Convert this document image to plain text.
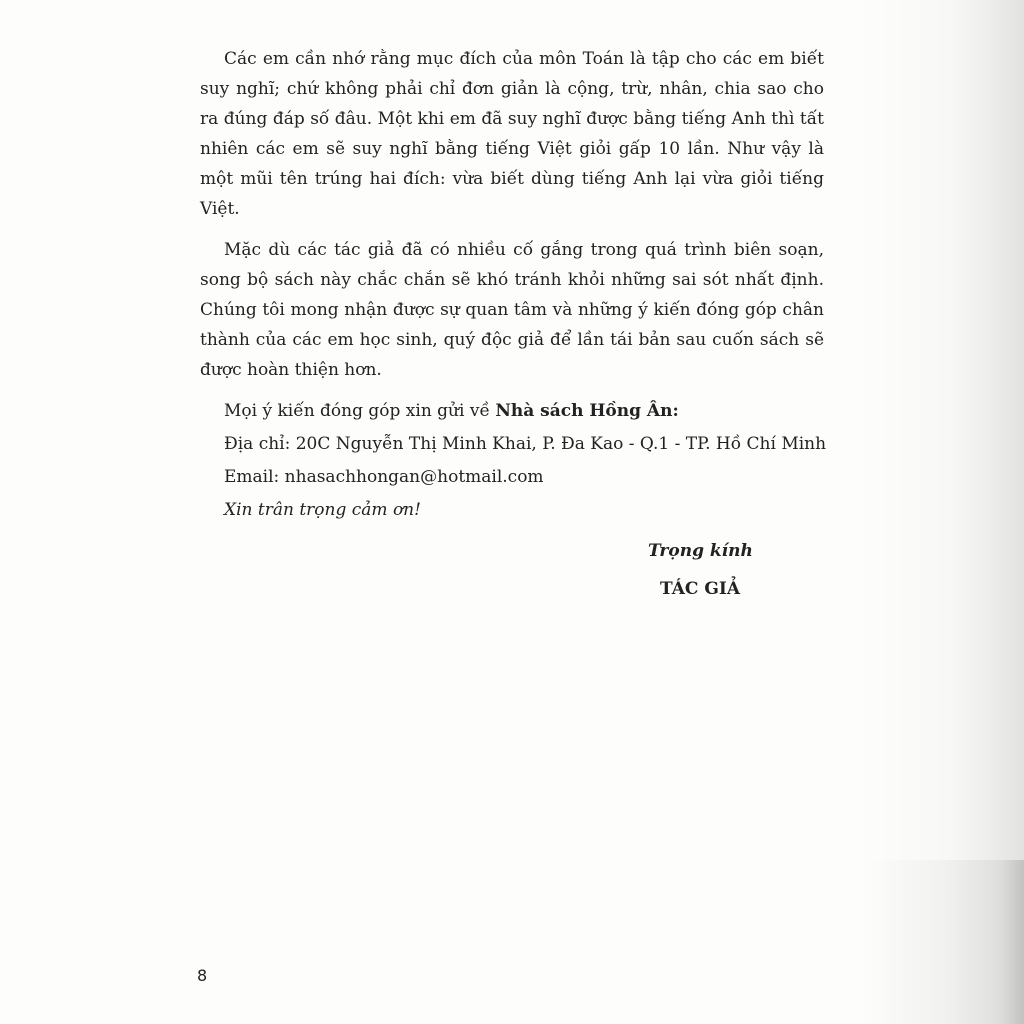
Các em cần nhớ rằng mục đích của môn Toán là tập cho các em biết suy nghĩ; chứ không phải chỉ đơn giản là cộng, trừ, nhân, chia sao cho ra đúng đáp số đâu. Một khi em đã suy nghĩ được bằng tiếng Anh thì tất nhiên các em sẽ suy nghĩ bằng tiếng Việt giỏi gấp 10 lần. Như vậy là một mũi tên trúng hai đích: vừa biết dùng tiếng Anh lại vừa giỏi tiếng Việt.

Mặc dù các tác giả đã có nhiều cố gắng trong quá trình biên soạn, song bộ sách này chắc chắn sẽ khó tránh khỏi những sai sót nhất định. Chúng tôi mong nhận được sự quan tâm và những ý kiến đóng góp chân thành của các em học sinh, quý độc giả để lần tái bản sau cuốn sách sẽ được hoàn thiện hơn.

Mọi ý kiến đóng góp xin gửi về Nhà sách Hồng Ân:

Địa chỉ: 20C Nguyễn Thị Minh Khai, P. Đa Kao - Q.1 - TP. Hồ Chí Minh

Email: nhasachhongan@hotmail.com

Xin trân trọng cảm ơn!

Trọng kính

TÁC GIẢ

8
